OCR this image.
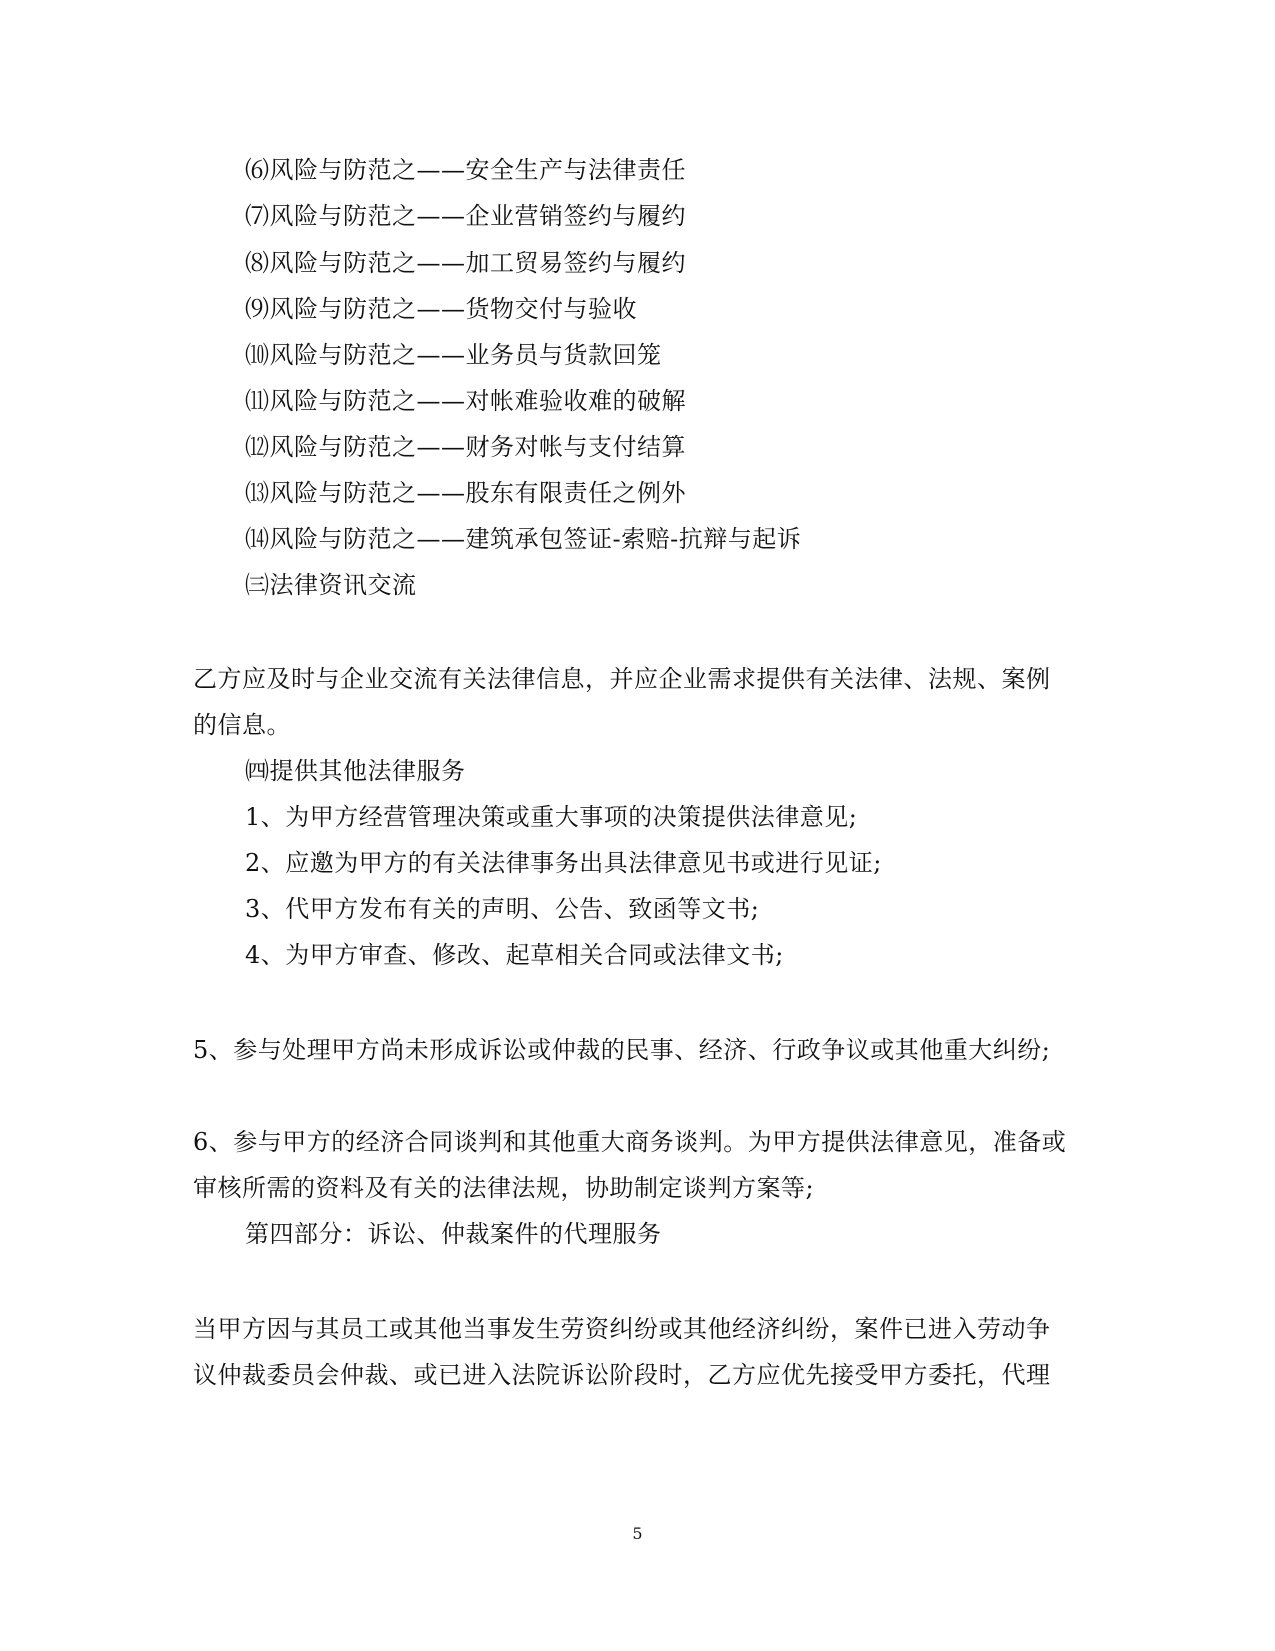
⑹风险与防范之——安全生产与法律责任
⑺风险与防范之——企业营销签约与履约
⑻风险与防范之——加工贸易签约与履约
⑼风险与防范之——货物交付与验收
⑽风险与防范之——业务员与货款回笼
⑾风险与防范之——对帐难验收难的破解
⑿风险与防范之——财务对帐与支付结算
⒀风险与防范之——股东有限责任之例外
⒁风险与防范之——建筑承包签证-索赔-抗辩与起诉
㈢法律资讯交流
乙方应及时与企业交流有关法律信息，并应企业需求提供有关法律、法规、案例
的信息。
㈣提供其他法律服务
1、为甲方经营管理决策或重大事项的决策提供法律意见;
2、应邀为甲方的有关法律事务出具法律意见书或进行见证;
3、代甲方发布有关的声明、公告、致函等文书;
4、为甲方审查、修改、起草相关合同或法律文书;
5、参与处理甲方尚未形成诉讼或仲裁的民事、经济、行政争议或其他重大纠纷;
6、参与甲方的经济合同谈判和其他重大商务谈判。为甲方提供法律意见，准备或
审核所需的资料及有关的法律法规，协助制定谈判方案等;
第四部分：诉讼、仲裁案件的代理服务
当甲方因与其员工或其他当事发生劳资纠纷或其他经济纠纷，案件已进入劳动争
议仲裁委员会仲裁、或已进入法院诉讼阶段时，乙方应优先接受甲方委托，代理
5
